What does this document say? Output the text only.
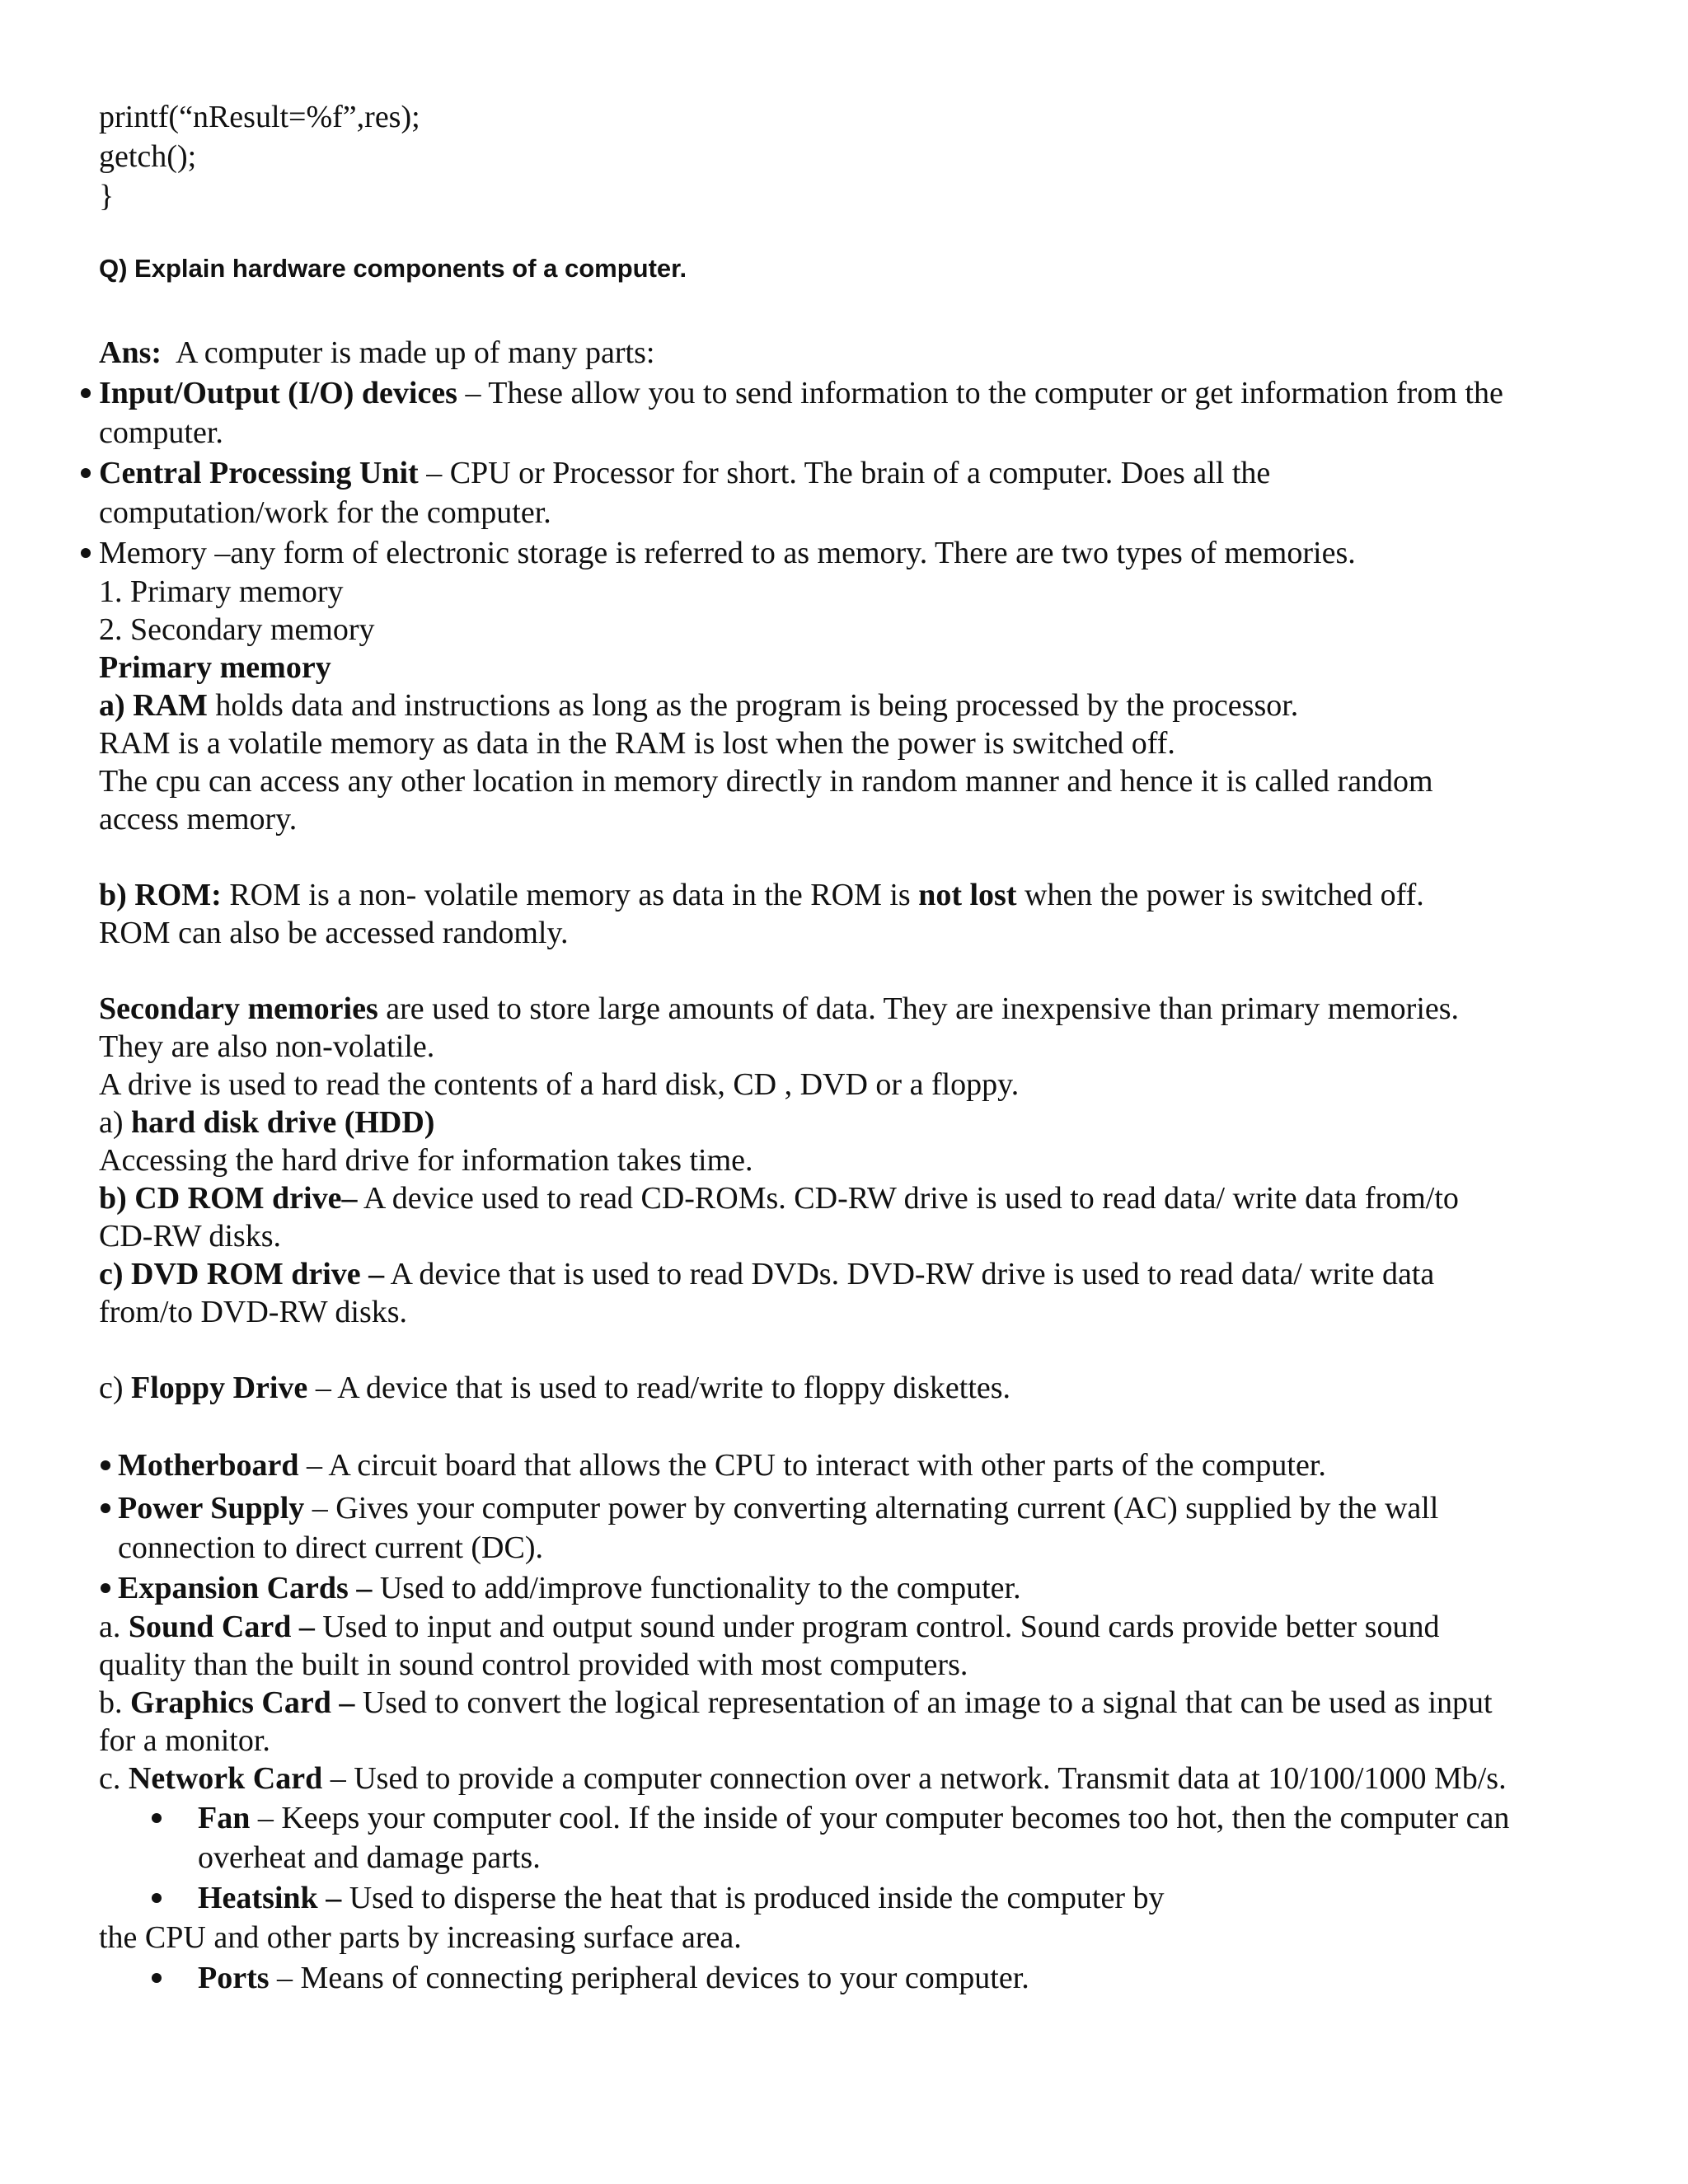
printf(“nResult=%f”,res);
getch();
}
Q) Explain hardware components of a computer.
Ans: A computer is made up of many parts:
Input/Output (I/O) devices – These allow you to send information to the computer or get information from the
computer.
Central Processing Unit – CPU or Processor for short. The brain of a computer. Does all the
computation/work for the computer.
Memory –any form of electronic storage is referred to as memory. There are two types of memories.
1. Primary memory
2. Secondary memory
Primary memory
a) RAM holds data and instructions as long as the program is being processed by the processor.
RAM is a volatile memory as data in the RAM is lost when the power is switched off.
The cpu can access any other location in memory directly in random manner and hence it is called random
access memory.
b) ROM: ROM is a non- volatile memory as data in the ROM is not lost when the power is switched off.
ROM can also be accessed randomly.
Secondary memories are used to store large amounts of data. They are inexpensive than primary memories.
They are also non-volatile.
A drive is used to read the contents of a hard disk, CD , DVD or a floppy.
a) hard disk drive (HDD)
Accessing the hard drive for information takes time.
b) CD ROM drive– A device used to read CD-ROMs. CD-RW drive is used to read data/ write data from/to
CD-RW disks.
c) DVD ROM drive – A device that is used to read DVDs. DVD-RW drive is used to read data/ write data
from/to DVD-RW disks.
c) Floppy Drive – A device that is used to read/write to floppy diskettes.
Motherboard – A circuit board that allows the CPU to interact with other parts of the computer.
Power Supply – Gives your computer power by converting alternating current (AC) supplied by the wall
connection to direct current (DC).
Expansion Cards – Used to add/improve functionality to the computer.
a. Sound Card – Used to input and output sound under program control. Sound cards provide better sound
quality than the built in sound control provided with most computers.
b. Graphics Card – Used to convert the logical representation of an image to a signal that can be used as input
for a monitor.
c. Network Card – Used to provide a computer connection over a network. Transmit data at 10/100/1000 Mb/s.
Fan – Keeps your computer cool. If the inside of your computer becomes too hot, then the computer can
overheat and damage parts.
Heatsink – Used to disperse the heat that is produced inside the computer by
the CPU and other parts by increasing surface area.
Ports – Means of connecting peripheral devices to your computer.
